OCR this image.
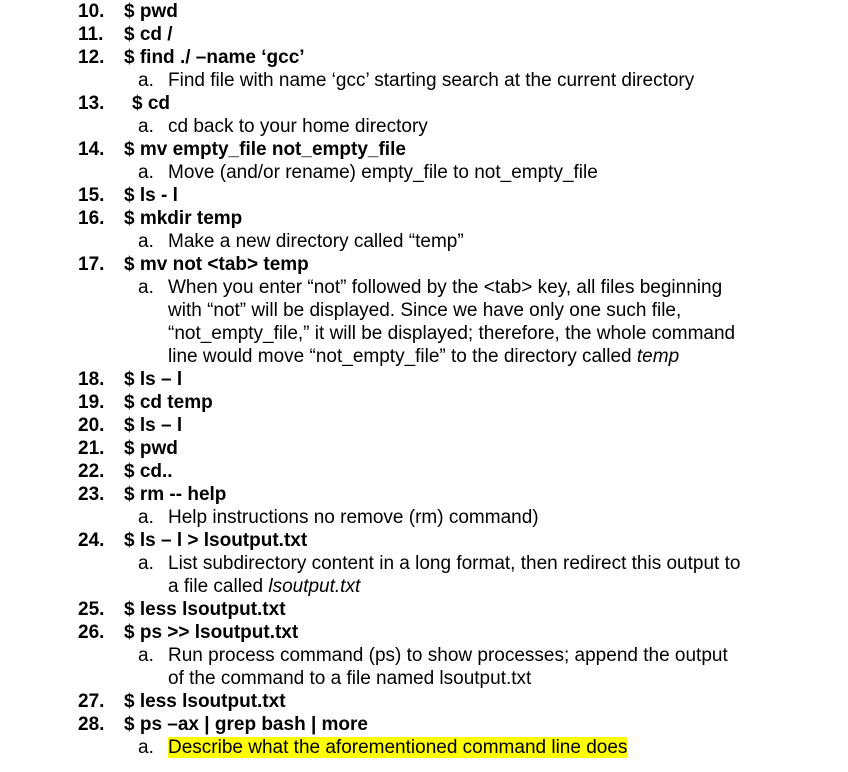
10. $ pwd
11. $ cd /
12. $ find ./ –name ‘gcc’
a. Find file with name ‘gcc’ starting search at the current directory
13. $ cd
a. cd back to your home directory
14. $ mv empty_file not_empty_file
a. Move (and/or rename) empty_file to not_empty_file
15. $ ls - l
16. $ mkdir temp
a. Make a new directory called “temp”
17. $ mv not <tab> temp
a. When you enter “not” followed by the <tab> key, all files beginning
with “not” will be displayed. Since we have only one such file,
“not_empty_file,” it will be displayed; therefore, the whole command
line would move “not_empty_file” to the directory called temp
18. $ ls – l
19. $ cd temp
20. $ ls – l
21. $ pwd
22. $ cd..
23. $ rm -- help
a. Help instructions no remove (rm) command)
24. $ ls – l > lsoutput.txt
a. List subdirectory content in a long format, then redirect this output to
a file called lsoutput.txt
25. $ less lsoutput.txt
26. $ ps >> lsoutput.txt
a. Run process command (ps) to show processes; append the output
of the command to a file named lsoutput.txt
27. $ less lsoutput.txt
28. $ ps –ax | grep bash | more
a. Describe what the aforementioned command line does
